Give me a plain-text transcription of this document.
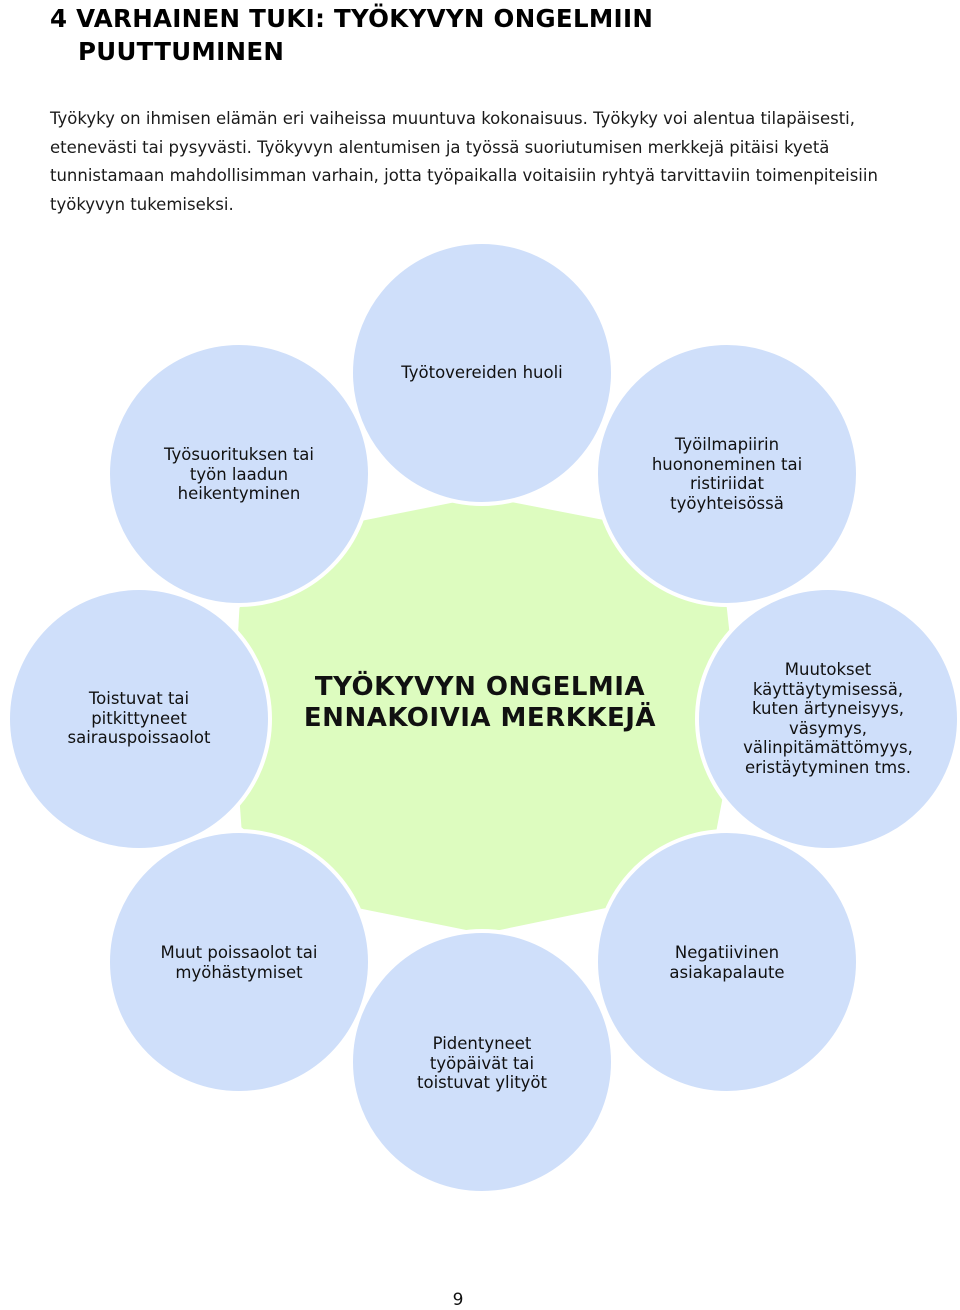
4 VARHAINEN TUKI: TYÖKYVYN ONGELMIIN
PUUTTUMINEN

Työkyky on ihmisen elämän eri vaiheissa muuntuva kokonaisuus. Työkyky voi alentua tilapäisesti, etenevästi tai pysyvästi. Työkyvyn alentumisen ja työssä suoriutumisen merkkejä pitäisi kyetä tunnistamaan mahdollisimman varhain, jotta työpaikalla voitaisiin ryhtyä tarvittaviin toimenpiteisiin työkyvyn tukemiseksi.

Työtovereiden huoli
Työilmapiirin huononeminen tai ristiriidat työyhteisössä
Muutokset käyttäytymisessä, kuten ärtyneisyys, väsymys, välinpitämättömyys, eristäytyminen tms.
Negatiivinen asiakapalaute
Pidentyneet työpäivät tai toistuvat ylityöt
Muut poissaolot tai myöhästymiset
Toistuvat tai pitkittyneet sairauspoissaolot
Työsuorituksen tai työn laadun heikentyminen
TYÖKYVYN ONGELMIA ENNAKOIVIA MERKKEJÄ
9
